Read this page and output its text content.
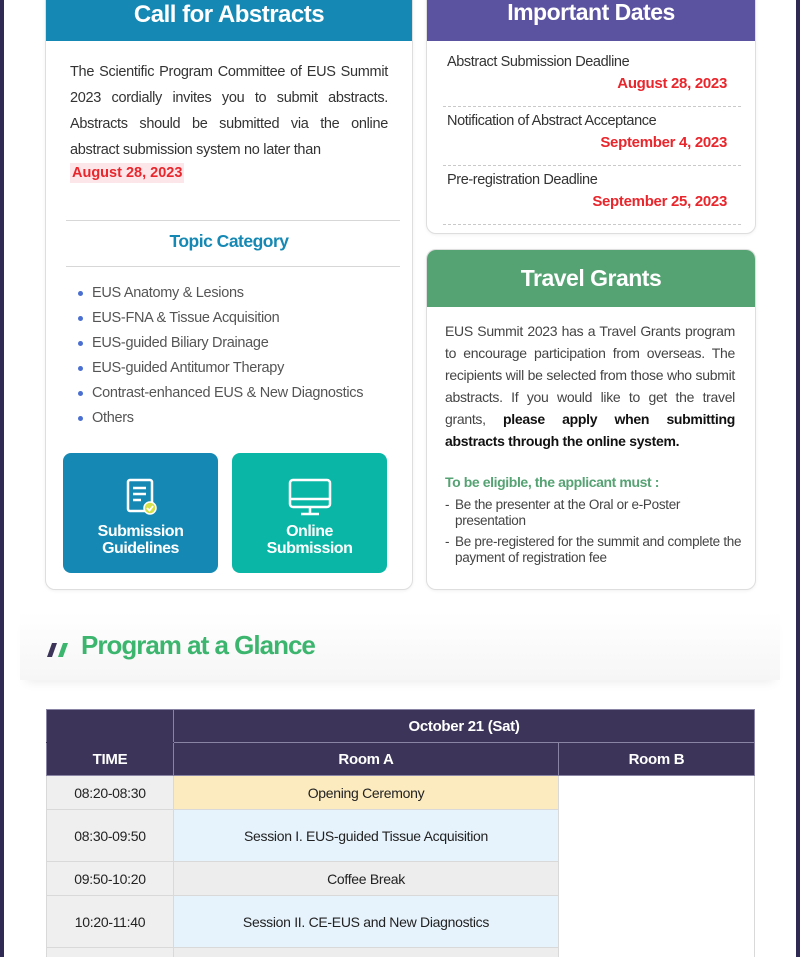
Call for Abstracts
The Scientific Program Committee of EUS Summit 2023 cordially invites you to submit abstracts. Abstracts should be submitted via the online abstract submission system no later than
August 28, 2023
Topic Category
EUS Anatomy & Lesions
EUS-FNA & Tissue Acquisition
EUS-guided Biliary Drainage
EUS-guided Antitumor Therapy
Contrast-enhanced EUS & New Diagnostics
Others
Submission
Guidelines
Online
Submission
Important Dates
Abstract Submission Deadline
August 28, 2023
Notification of Abstract Acceptance
September 4, 2023
Pre-registration Deadline
September 25, 2023
Travel Grants
EUS Summit 2023 has a Travel Grants program to encourage participation from overseas. The recipients will be selected from those who submit abstracts. If you would like to get the travel grants, please apply when submitting abstracts through the online system.
To be eligible, the applicant must :
- Be the presenter at the Oral or e-Poster presentation
- Be pre-registered for the summit and complete the payment of registration fee
Program at a Glance
	October 21 (Sat)	
TIME	Room A	Room B
08:20-08:30	Opening Ceremony	
08:30-09:50	Session I. EUS-guided Tissue Acquisition	
09:50-10:20	Coffee Break	
10:20-11:40	Session II. CE-EUS and New Diagnostics	
